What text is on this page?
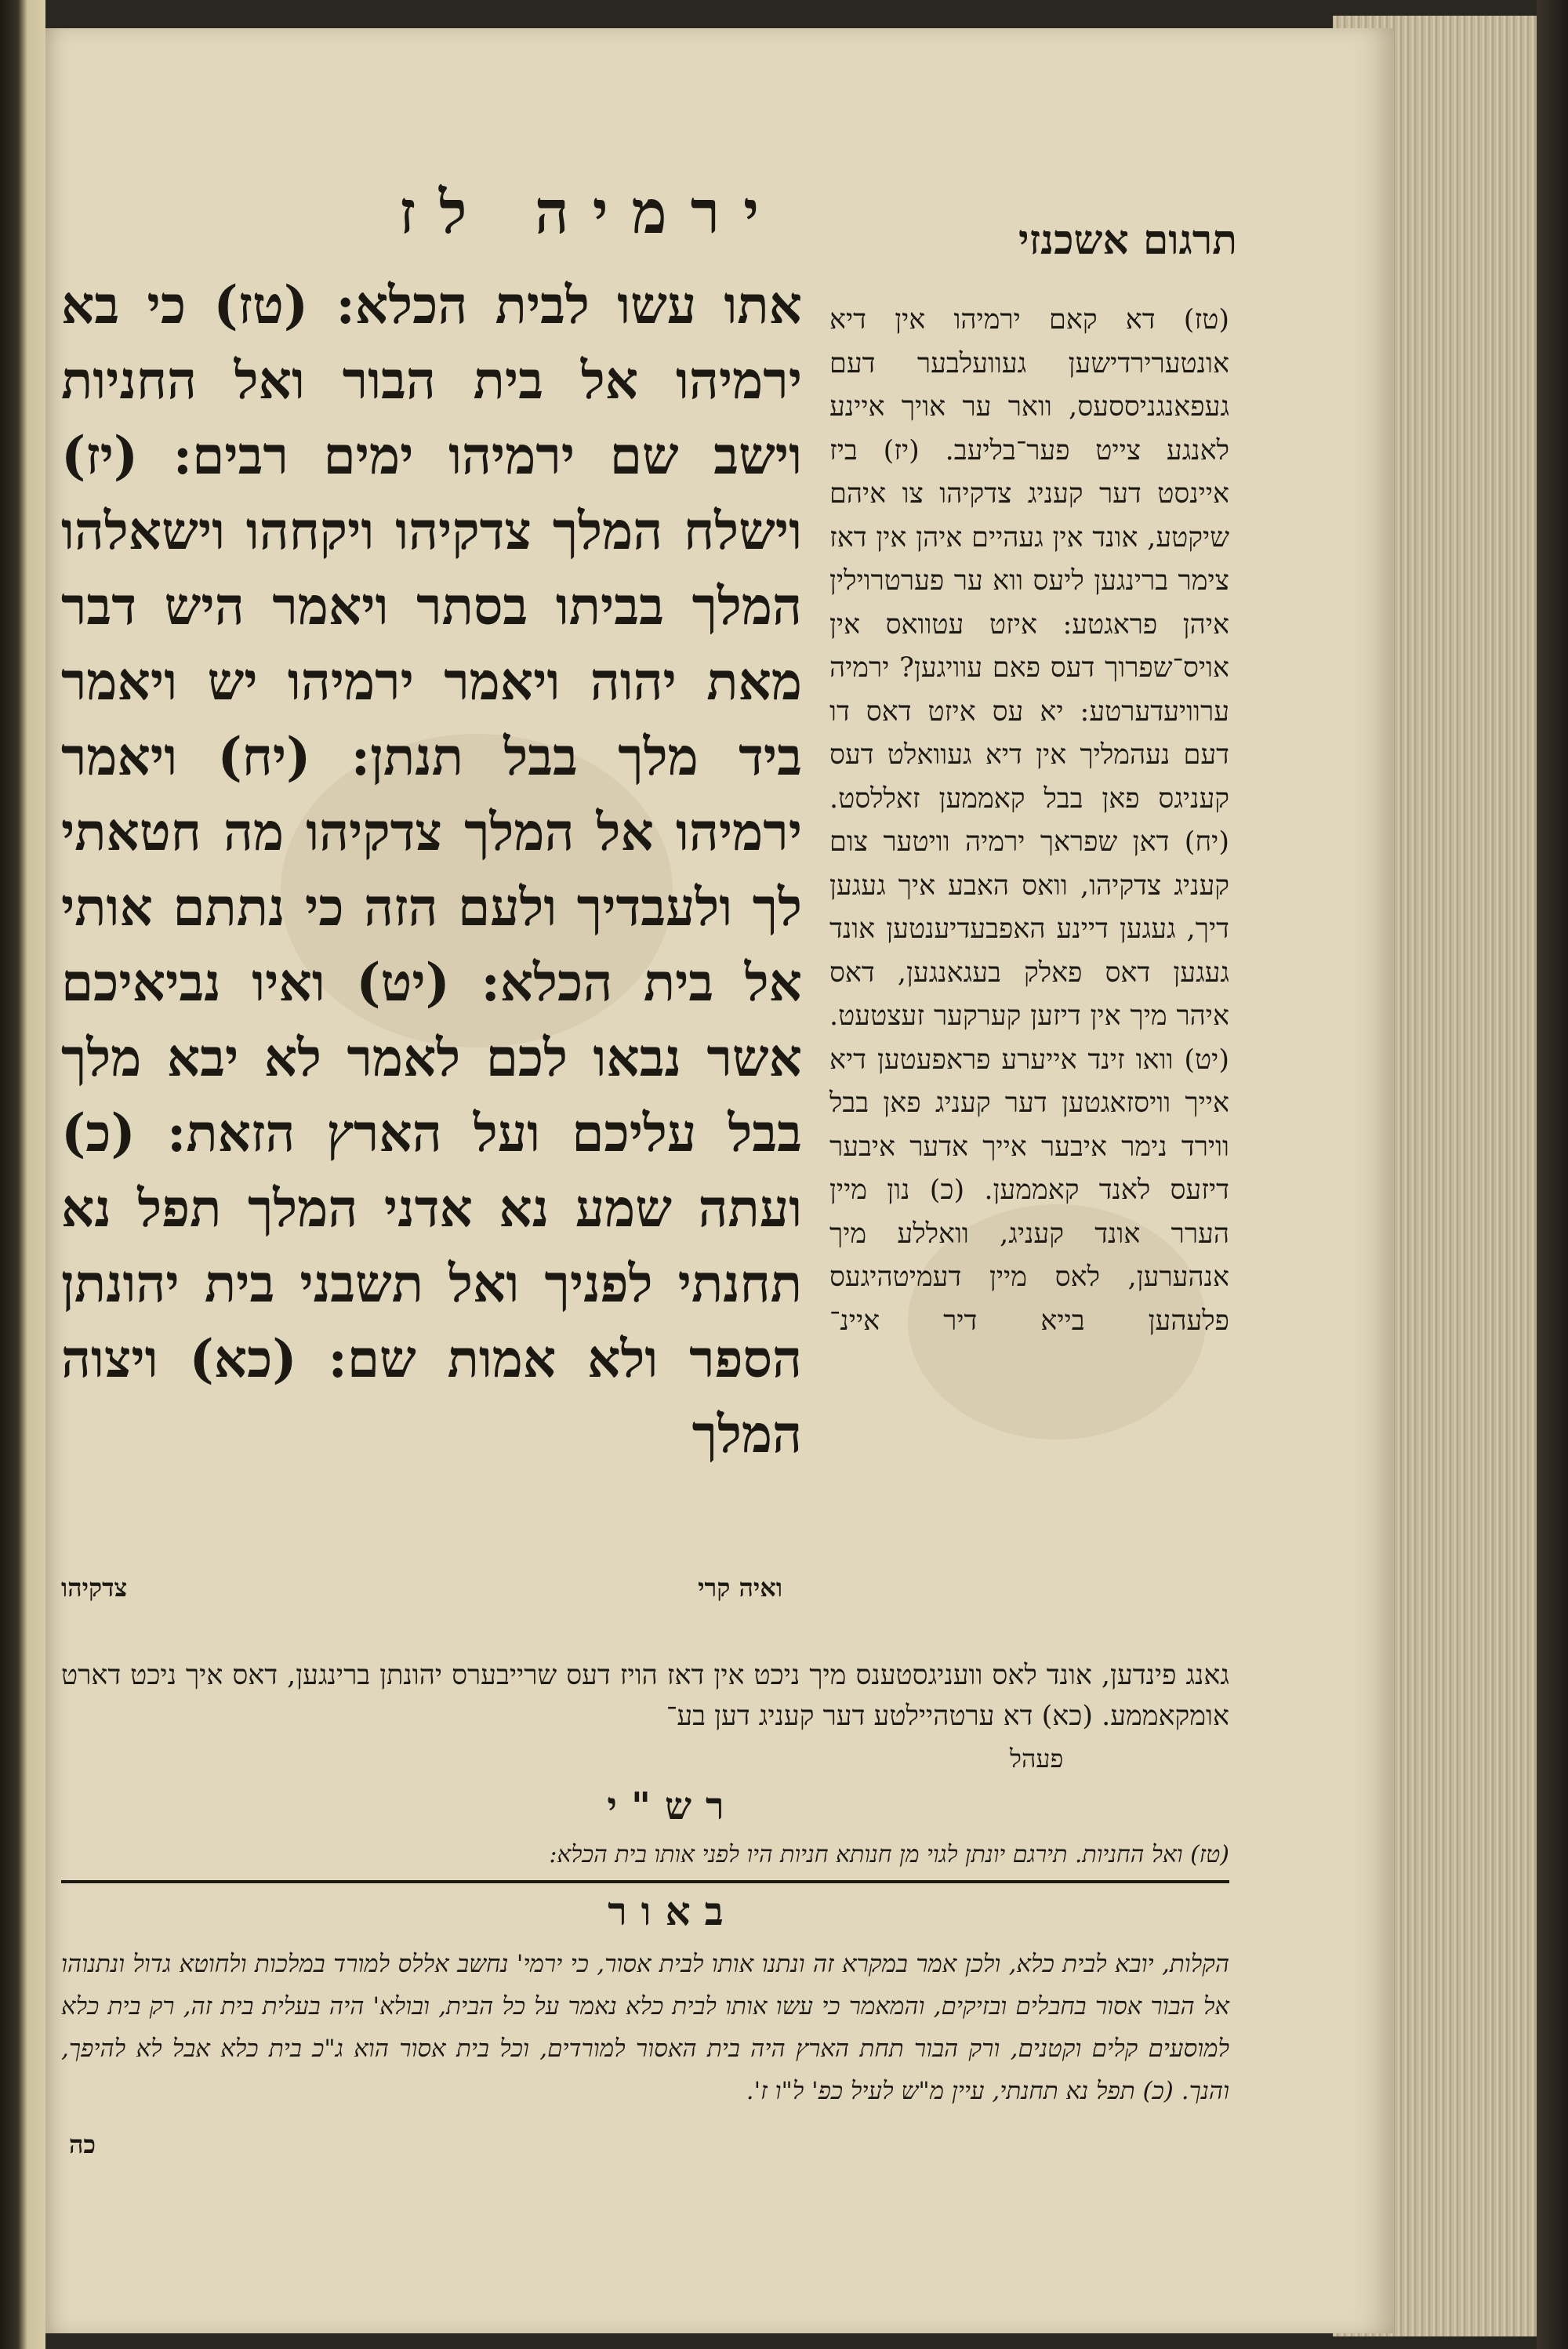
ירמיה לז	תרגום אשכנזי
אתו עשו לבית הכלא: (טז) כי בא ירמיהו אל בית הבור ואל החניות וישב שם ירמיהו ימים רבים: (יז) וישלח המלך צדקיהו ויקחהו וישאלהו המלך בביתו בסתר ויאמר היש דבר מאת יהוה ויאמר ירמיהו יש ויאמר ביד מלך בבל תנתן: (יח) ויאמר ירמיהו אל המלך צדקיהו מה חטאתי לך ולעבדיך ולעם הזה כי נתתם אותי אל בית הכלא: (יט) ואיו נביאיכם אשר נבאו לכם לאמר לא יבא מלך בבל עליכם ועל הארץ הזאת: (כ) ועתה שמע נא אדני המלך תפל נא תחנתי לפניך ואל תשבני בית יהונתן הספר ולא אמות שם: (כא) ויצוה המלך
(טז) דא קאם ירמיהו אין דיא אונטערירדישען געוועלבער דעם געפאנגניססעס, וואר ער אויך איינע לאנגע צייט פער־בליעב. (יז) ביז איינסט דער קעניג צדקיהו צו איהם שיקטע, אונד אין געהיים איהן אין דאז צימר ברינגען ליעס ווא ער פערטרוילין איהן פראגטע: איזט עטוואס אין אויס־שפרוך דעס פאם עוויגען? ירמיה ערוויעדערטע: יא עס איזט דאס דו דעם נעהמליך אין דיא געוואלט דעס קעניגס פאן בבל קאממען זאללסט. (יח) דאן שפראך ירמיה וויטער צום קעניג צדקיהו, וואס האבע איך געגען דיך, געגען דיינע האפבעדיענטען אונד געגען דאס פאלק בעגאנגען, דאס איהר מיך אין דיזען קערקער זעצטעט. (יט) וואו זינד אייערע פראפעטען דיא אייך וויסזאגטען דער קעניג פאן בבל ווירד נימר איבער אייך אדער איבער דיזעס לאנד קאממען. (כ) נון מיין הערר אונד קעניג, וואללע מיך אנהערען, לאס מיין דעמיטהיגעס פלעהען בייא דיר איינ־
ואיה קרי
צדקיהו
גאנג פינדען, אונד לאס וועניגסטענס מיך ניכט אין דאז הויז דעס שרייבערס יהונתן ברינגען, דאס איך ניכט דארט אומקאממע. (כא) דא ערטהיילטע דער קעניג דען בע־
פעהל
רש"י
(טז) ואל החניות. תירגם יונתן לגוי מן חנותא חניות היו לפני אותו בית הכלא:
באור
הקלות, יובא לבית כלא, ולכן אמר במקרא זה ונתנו אותו לבית אסור, כי ירמי' נחשב אללס למורד במלכות ולחוטא גדול ונתנוהו אל הבור אסור בחבלים ובזיקים, והמאמר כי עשו אותו לבית כלא נאמר על כל הבית, ובולא' היה בעלית בית זה, רק בית כלא למוסעים קלים וקטנים, ורק הבור תחת הארץ היה בית האסור למורדים, וכל בית אסור הוא ג"כ בית כלא אבל לא להיפך, והנך. (כ) תפל נא תחנתי, עיין מ"ש לעיל כפ' ל"ו ז'.
כה
